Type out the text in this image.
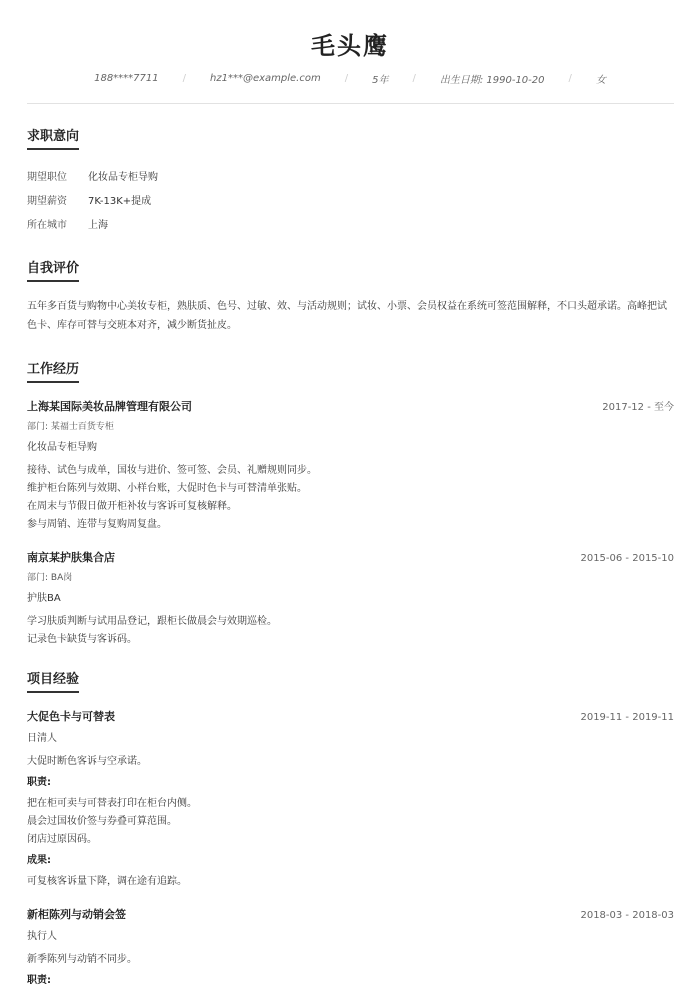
毛头鹰
188****7711	/	hz1***@example.com	/	5年	/	出生日期: 1990-10-20	/	女
求职意向
期望职位	化妆品专柜导购
期望薪资	7K-13K+提成
所在城市	上海
自我评价
五年多百货与购物中心美妆专柜，熟肤质、色号、过敏、效、与活动规则；试妆、小票、会员权益在系统可签范围解释，不口头超承诺。高峰把试色卡、库存可替与交班本对齐，减少断货扯皮。
工作经历
上海某国际美妆品牌管理有限公司	2017-12 - 至今
部门: 某福士百货专柜
化妆品专柜导购
接待、试色与成单，国妆与进价、签可签、会员、礼赠规则同步。
维护柜台陈列与效期、小样台账，大促时色卡与可替清单张贴。
在周末与节假日做开柜补妆与客诉可复核解释。
参与周销、连带与复购周复盘。
南京某护肤集合店	2015-06 - 2015-10
部门: BA岗
护肤BA
学习肤质判断与试用品登记，跟柜长做晨会与效期巡检。
记录色卡缺货与客诉码。
项目经验
大促色卡与可替表	2019-11 - 2019-11
日清人
大促时断色客诉与空承诺。
职责:
把在柜可卖与可替表打印在柜台内侧。
晨会过国妆价签与券叠可算范围。
闭店过原因码。
成果:
可复核客诉量下降，调在途有追踪。
新柜陈列与动销会签	2018-03 - 2018-03
执行人
新季陈列与动销不同步。
职责:
